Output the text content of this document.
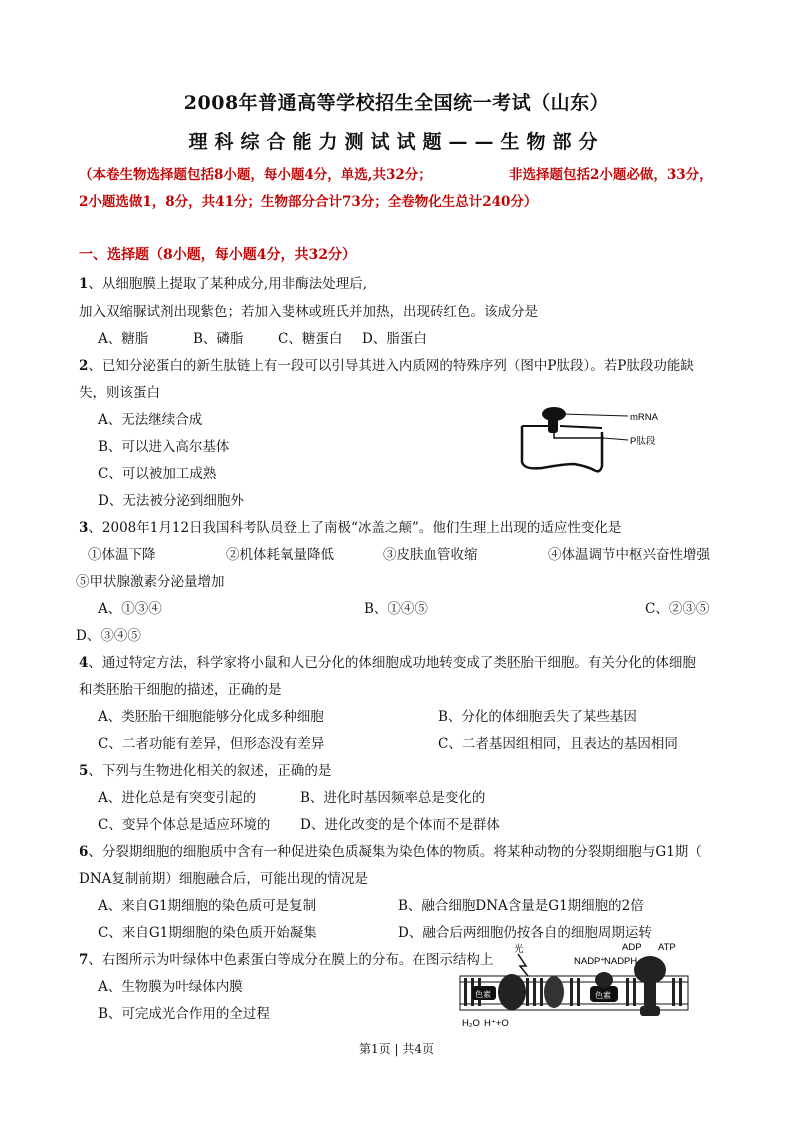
2008年普通高等学校招生全国统一考试（山东）
理科综合能力测试试题——生物部分
（本卷生物选择题包括8小题，每小题4分，单选,共32分；	非选择题包括2小题必做，33分，
2小题选做1，8分，共41分；生物部分合计73分；全卷物化生总计240分）
一、选择题（8小题，每小题4分，共32分）
1、从细胞膜上提取了某种成分,用非酶法处理后,
加入双缩脲试剂出现紫色；若加入斐林或班氏并加热，出现砖红色。该成分是
A、糖脂	B、磷脂	C、糖蛋白 D、脂蛋白
2、已知分泌蛋白的新生肽链上有一段可以引导其进入内质网的特殊序列（图中P肽段）。若P肽段功能缺
失，则该蛋白
A、无法继续合成
B、可以进入高尔基体
C、可以被加工成熟
D、无法被分泌到细胞外
mRNA
P肽段
3、2008年1月12日我国科考队员登上了南极“冰盖之颠”。他们生理上出现的适应性变化是
①体温下降	②机体耗氧量降低	③皮肤血管收缩	④体温调节中枢兴奋性增强
⑤甲状腺激素分泌量增加
A、①③④	B、①④⑤	C、②③⑤
D、③④⑤
4、通过特定方法，科学家将小鼠和人已分化的体细胞成功地转变成了类胚胎干细胞。有关分化的体细胞
和类胚胎干细胞的描述，正确的是
A、类胚胎干细胞能够分化成多种细胞	B、分化的体细胞丢失了某些基因
C、二者功能有差异，但形态没有差异	C、二者基因组相同，且表达的基因相同
5、下列与生物进化相关的叙述，正确的是
A、进化总是有突变引起的	B、进化时基因频率总是变化的
C、变异个体总是适应环境的 D、进化改变的是个体而不是群体
6、分裂期细胞的细胞质中含有一种促进染色质凝集为染色体的物质。将某种动物的分裂期细胞与G1期（
DNA复制前期）细胞融合后，可能出现的情况是
A、来自G1期细胞的染色质可是复制	B、融合细胞DNA含量是G1期细胞的2倍
C、来自G1期细胞的染色质开始凝集	D、融合后两细胞仍按各自的细胞周期运转
7、右图所示为叶绿体中色素蛋白等成分在膜上的分布。在图示结构上
A、生物膜为叶绿体内膜
B、可完成光合作用的全过程
光	ADP ATP
NADP⁺
NADPH
色素	色素
H₂O H⁺+O
第1页 | 共4页
